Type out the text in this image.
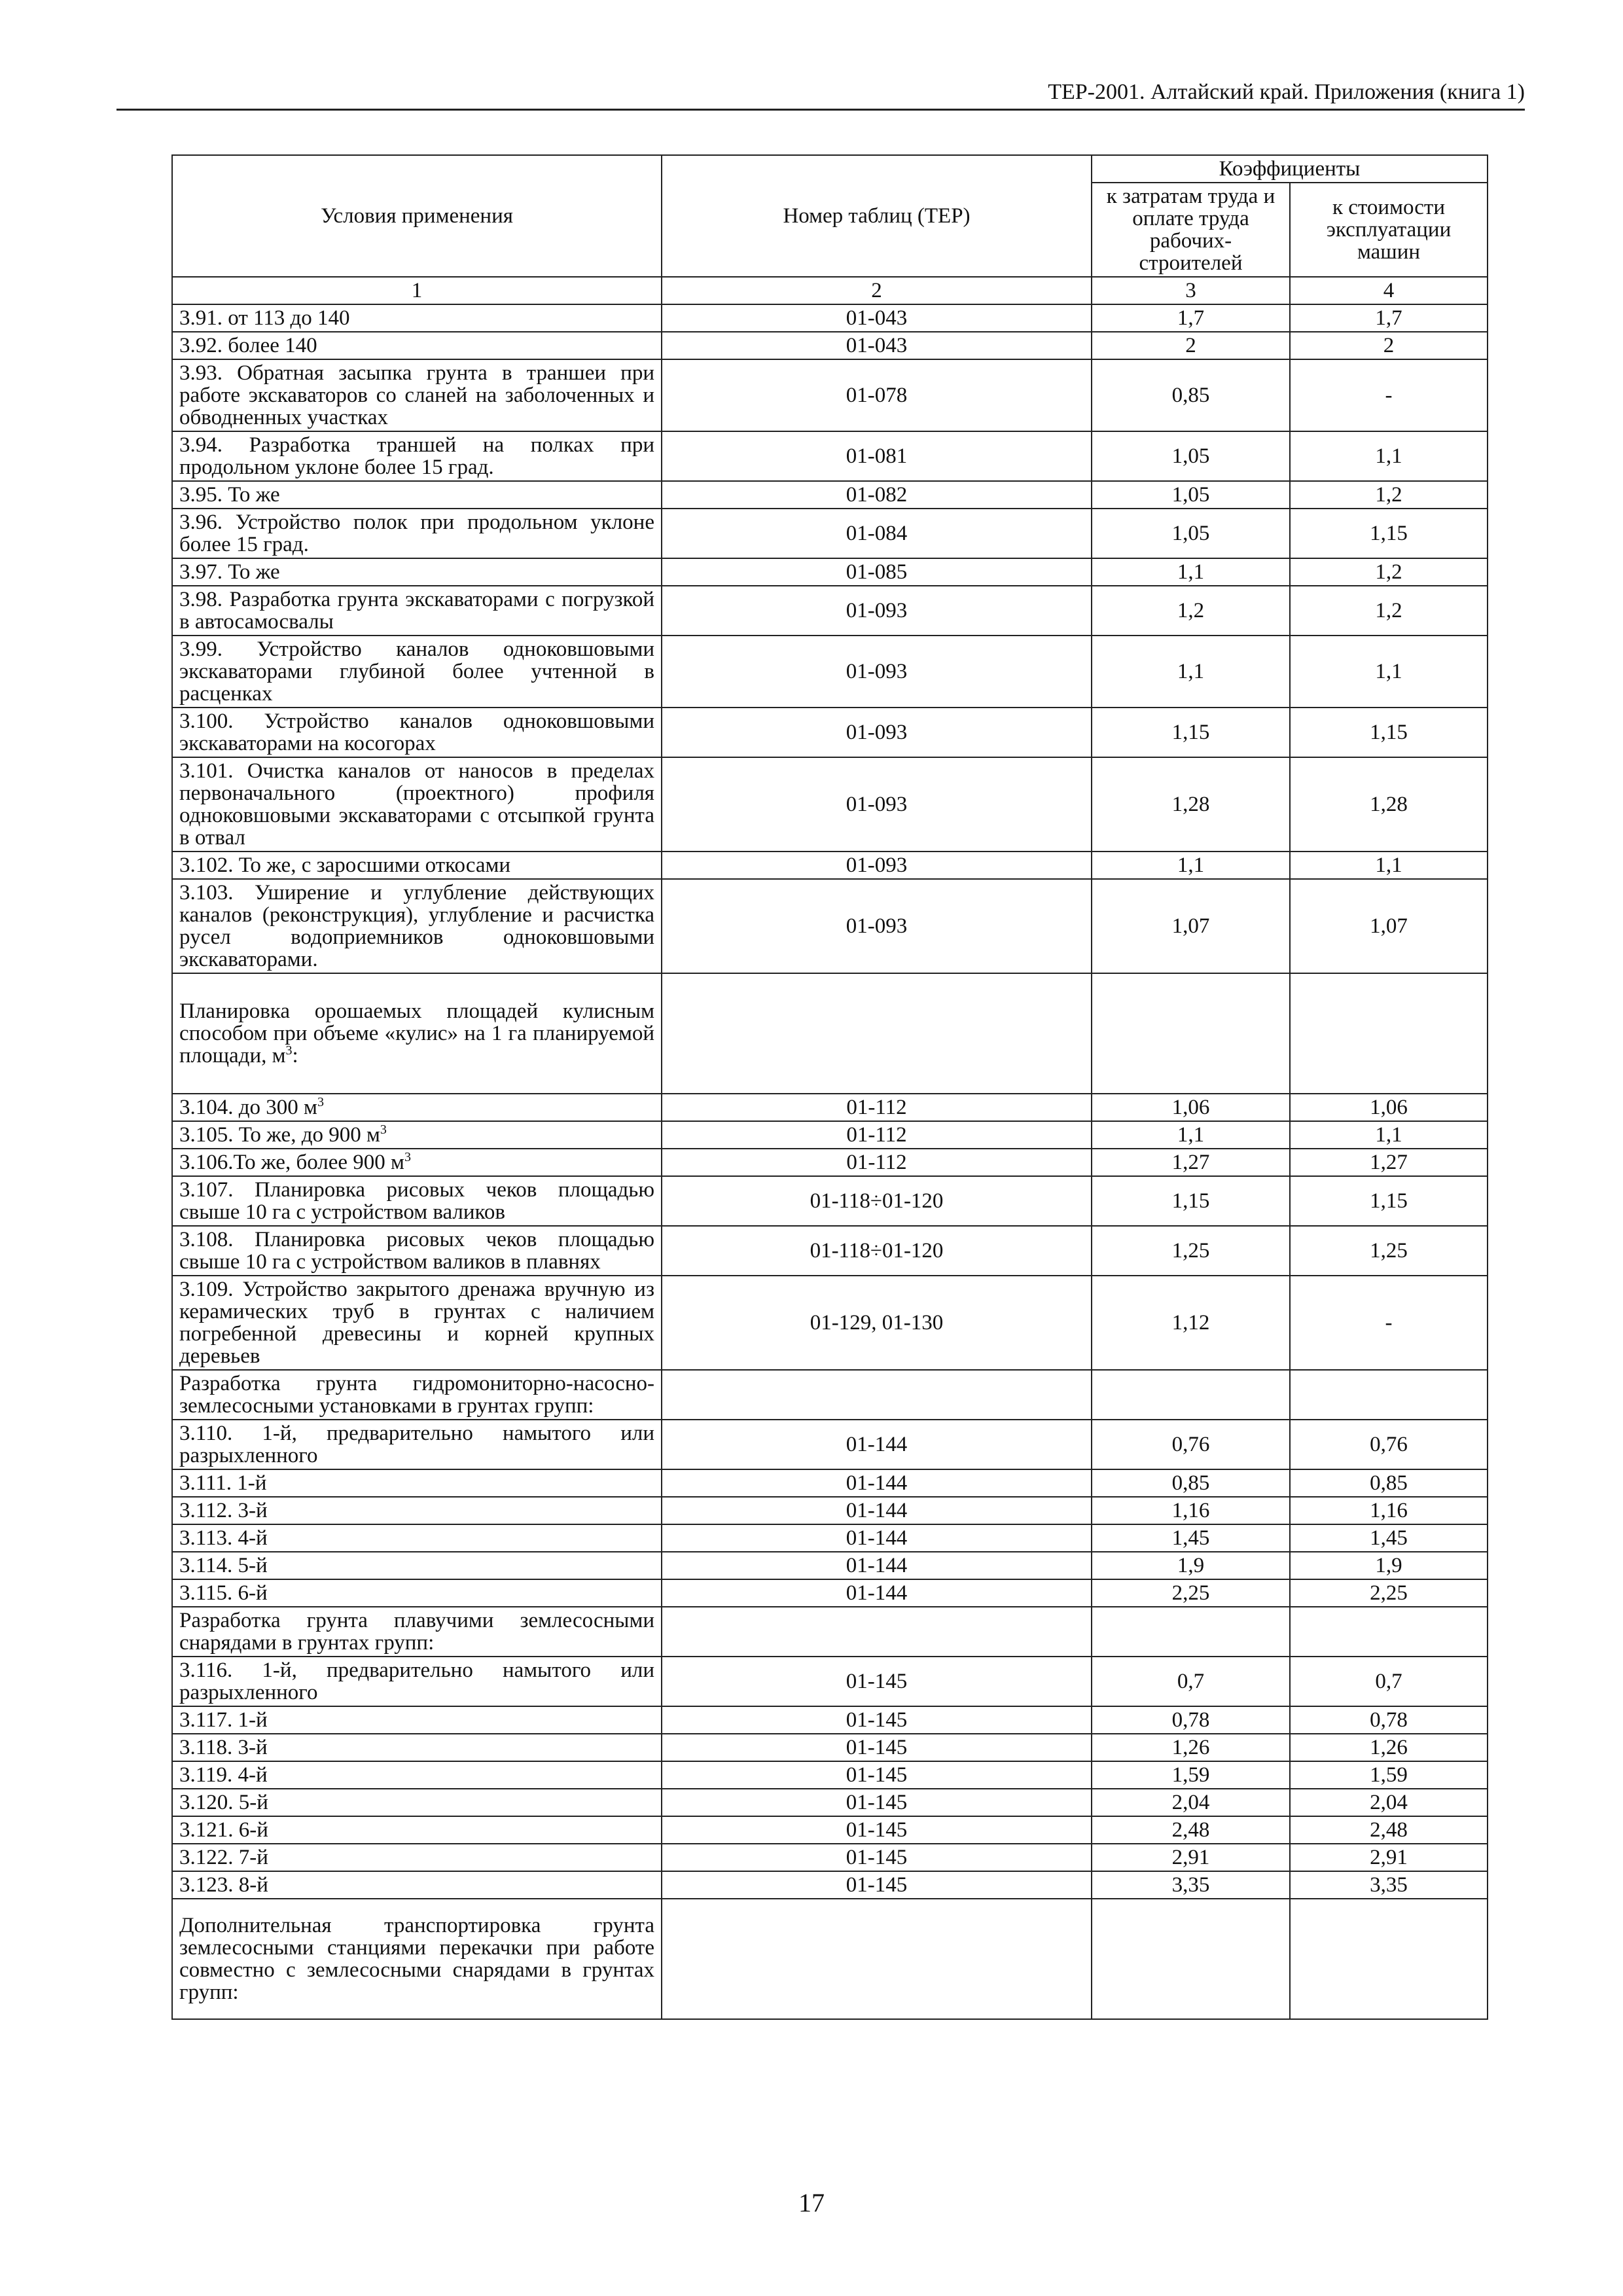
ТЕР-2001. Алтайский край. Приложения (книга 1)
Условия применения	Номер таблиц (ТЕР)	Коэффициенты	
		к затратам труда и оплате труда рабочих-строителей	к стоимости эксплуатации машин
1	2	3	4
3.91. от 113 до 140	01-043	1,7	1,7
3.92. более 140	01-043	2	2
3.93. Обратная засыпка грунта в траншеи при работе экскаваторов со сланей на заболоченных и обводненных участках	01-078	0,85	-
3.94. Разработка траншей на полках при продольном уклоне более 15 град.	01-081	1,05	1,1
3.95. То же	01-082	1,05	1,2
3.96. Устройство полок при продольном уклоне более 15 град.	01-084	1,05	1,15
3.97. То же	01-085	1,1	1,2
3.98. Разработка грунта экскаваторами с погрузкой в автосамосвалы	01-093	1,2	1,2
3.99. Устройство каналов одноковшовыми экскаваторами глубиной более учтенной в расценках	01-093	1,1	1,1
3.100. Устройство каналов одноковшовыми экскаваторами на косогорах	01-093	1,15	1,15
3.101. Очистка каналов от наносов в пределах первоначального (проектного) профиля одноковшовыми экскаваторами с отсыпкой грунта в отвал	01-093	1,28	1,28
3.102. То же, с заросшими откосами	01-093	1,1	1,1
3.103. Уширение и углубление действующих каналов (реконструкция), углубление и расчистка русел водоприемников одноковшовыми экскаваторами.	01-093	1,07	1,07
Планировка орошаемых площадей кулисным способом при объеме «кулис» на 1 га планируемой площади, $м^3$:			
3.104. до 300 $м^3$	01-112	1,06	1,06
3.105. То же, до 900 $м^3$	01-112	1,1	1,1
3.106.То же, более 900 $м^3$	01-112	1,27	1,27
3.107. Планировка рисовых чеков площадью свыше 10 га с устройством валиков	01-118÷01-120	1,15	1,15
3.108. Планировка рисовых чеков площадью свыше 10 га с устройством валиков в плавнях	01-118÷01-120	1,25	1,25
3.109. Устройство закрытого дренажа вручную из керамических труб в грунтах с наличием погребенной древесины и корней крупных деревьев	01-129, 01-130	1,12	-
Разработка грунта гидромониторно-насосно-землесосными установками в грунтах групп:			
3.110. 1-й, предварительно намытого или разрыхленного	01-144	0,76	0,76
3.111. 1-й	01-144	0,85	0,85
3.112. 3-й	01-144	1,16	1,16
3.113. 4-й	01-144	1,45	1,45
3.114. 5-й	01-144	1,9	1,9
3.115. 6-й	01-144	2,25	2,25
Разработка грунта плавучими землесосными снарядами в грунтах групп:			
3.116. 1-й, предварительно намытого или разрыхленного	01-145	0,7	0,7
3.117. 1-й	01-145	0,78	0,78
3.118. 3-й	01-145	1,26	1,26
3.119. 4-й	01-145	1,59	1,59
3.120. 5-й	01-145	2,04	2,04
3.121. 6-й	01-145	2,48	2,48
3.122. 7-й	01-145	2,91	2,91
3.123. 8-й	01-145	3,35	3,35
Дополнительная транспортировка грунта землесосными станциями перекачки при работе совместно с землесосными снарядами в грунтах групп:			
17
